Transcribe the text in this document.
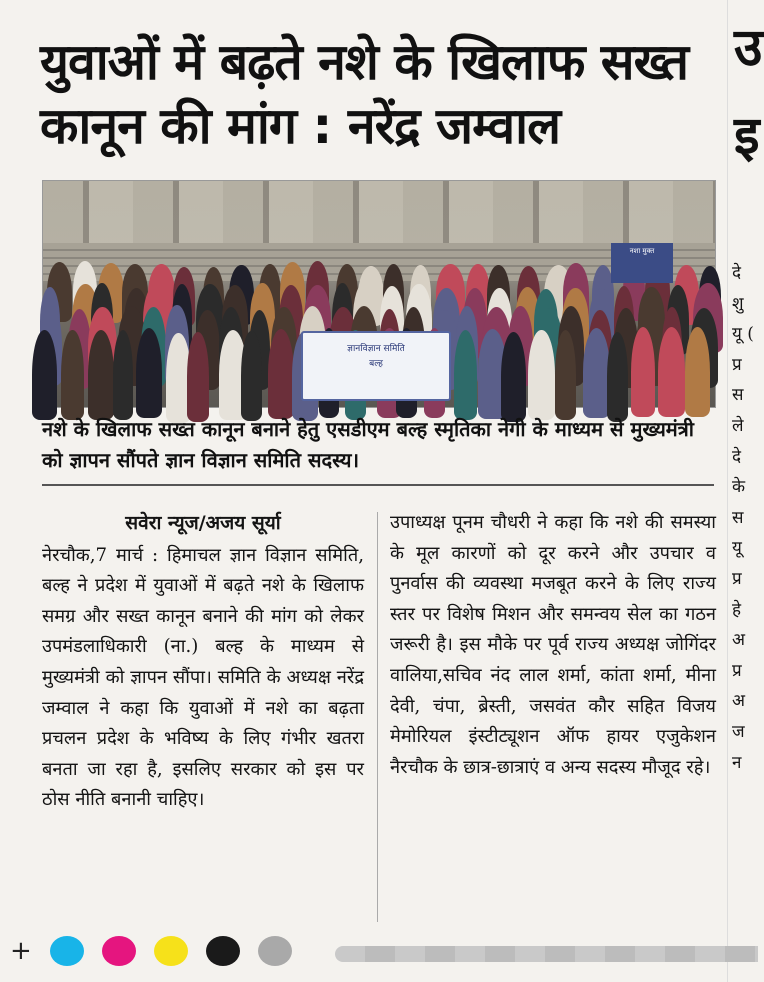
युवाओं में बढ़ते नशे के खिलाफ सख्त
कानून की मांग : नरेंद्र जम्वाल
नशा मुक्त
ज्ञानविज्ञान समिति
बल्ह
नशे के खिलाफ सख्त कानून बनाने हेतु एसडीएम बल्ह स्मृतिका नेगी के माध्यम से मुख्यमंत्री को ज्ञापन सौंपते ज्ञान विज्ञान समिति सदस्य।
सवेरा न्यूज/अजय सूर्या
नेरचौक,7 मार्च : हिमाचल ज्ञान विज्ञान समिति, बल्ह ने प्रदेश में युवाओं में बढ़ते नशे के खिलाफ समग्र और सख्त कानून बनाने की मांग को लेकर उपमंडलाधिकारी (ना.) बल्ह के माध्यम से मुख्यमंत्री को ज्ञापन सौंपा। समिति के अध्यक्ष नरेंद्र जम्वाल ने कहा कि युवाओं में नशे का बढ़ता प्रचलन प्रदेश के भविष्य के लिए गंभीर खतरा बनता जा रहा है, इसलिए सरकार को इस पर ठोस नीति बनानी चाहिए।
उपाध्यक्ष पूनम चौधरी ने कहा कि नशे की समस्या के मूल कारणों को दूर करने और उपचार व पुनर्वास की व्यवस्था मजबूत करने के लिए राज्य स्तर पर विशेष मिशन और समन्वय सेल का गठन जरूरी है। इस मौके पर पूर्व राज्य अध्यक्ष जोगिंदर वालिया,सचिव नंद लाल शर्मा, कांता शर्मा, मीना देवी, चंपा, ब्रेस्ती, जसवंत कौर सहित विजय मेमोरियल इंस्टीट्यूशन ऑफ हायर एजुकेशन नैरचौक के छात्र-छात्राएं व अन्य सदस्य मौजूद रहे।
उ इ
दे शु यू ( प्र स ले दे के स यू प्र हे अ प्र अ ज न
+
